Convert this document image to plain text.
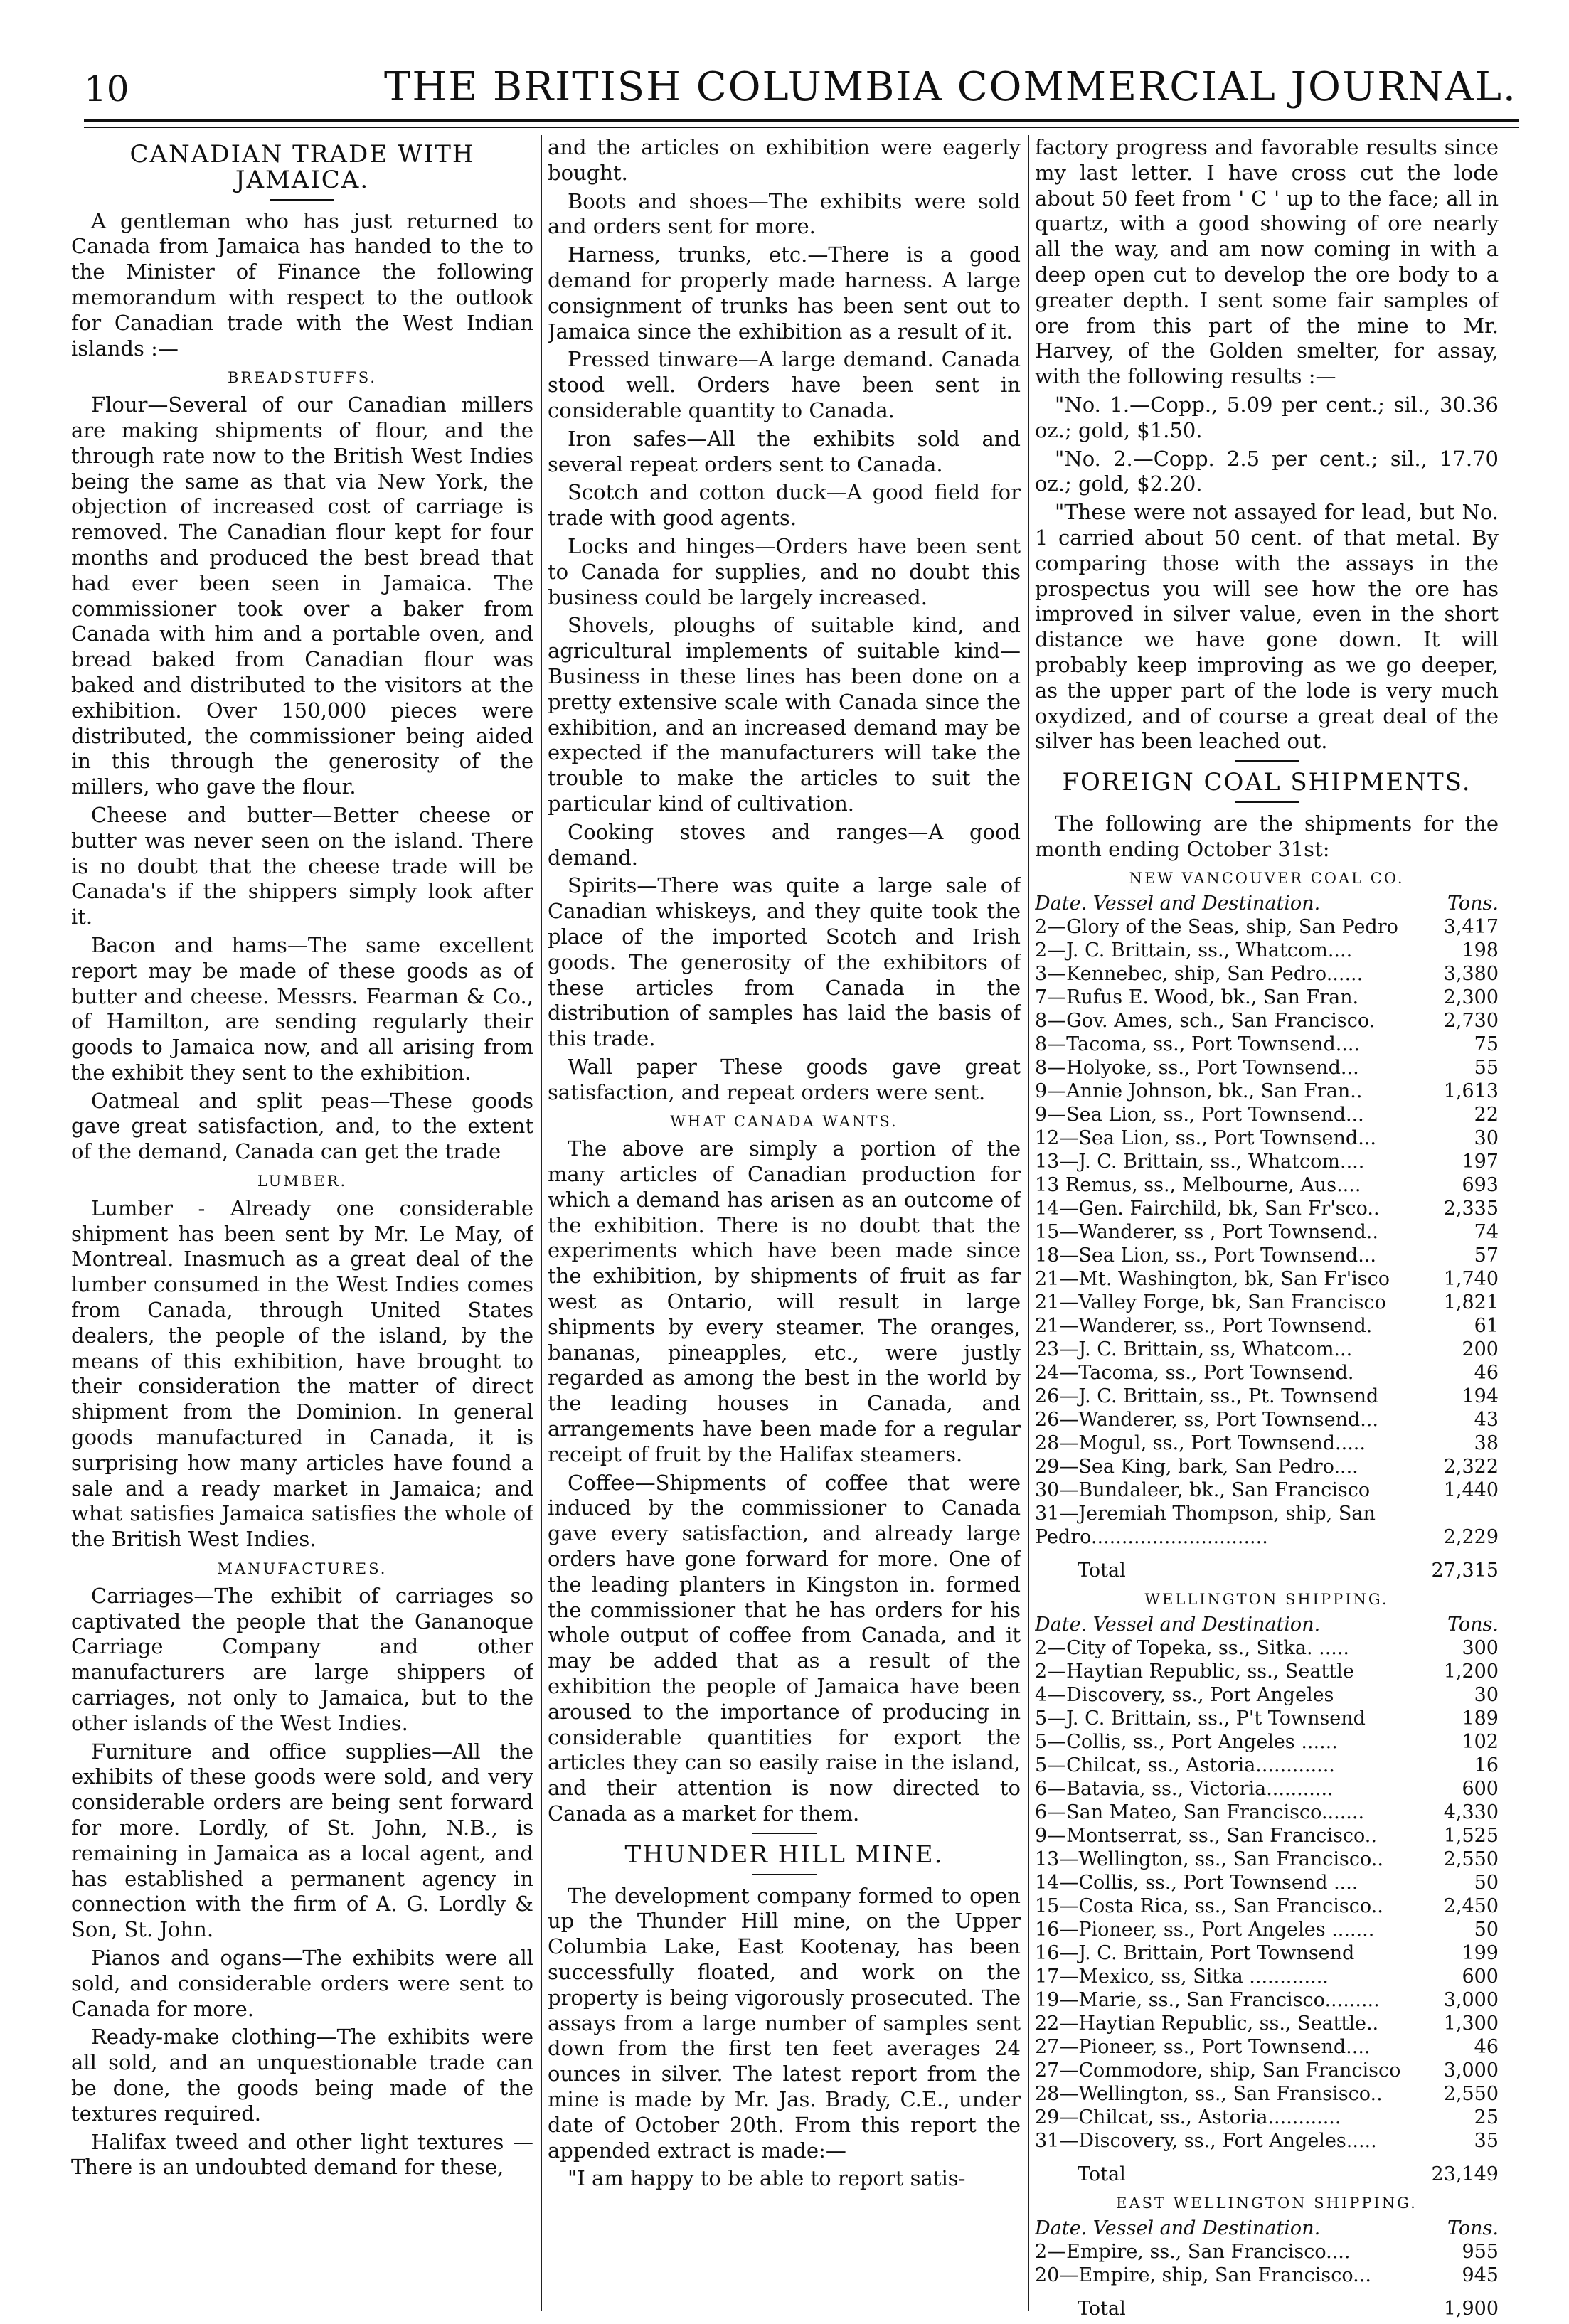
10	THE BRITISH COLUMBIA COMMERCIAL JOURNAL.
CANADIAN TRADE WITH JAMAICA.

A gentleman who has just returned to Canada from Jamaica has handed to the to the Minister of Finance the following memorandum with respect to the outlook for Canadian trade with the West Indian islands :—

BREADSTUFFS.

Flour—Several of our Canadian millers are making shipments of flour, and the through rate now to the British West Indies being the same as that via New York, the objection of increased cost of carriage is removed. The Canadian flour kept for four months and produced the best bread that had ever been seen in Jamaica. The commissioner took over a baker from Canada with him and a portable oven, and bread baked from Canadian flour was baked and distributed to the visitors at the exhibition. Over 150,000 pieces were distributed, the commissioner being aided in this through the generosity of the millers, who gave the flour.

Cheese and butter—Better cheese or butter was never seen on the island. There is no doubt that the cheese trade will be Canada's if the shippers simply look after it.

Bacon and hams—The same excellent report may be made of these goods as of butter and cheese. Messrs. Fearman & Co., of Hamilton, are sending regularly their goods to Jamaica now, and all arising from the exhibit they sent to the exhibition.

Oatmeal and split peas—These goods gave great satisfaction, and, to the extent of the demand, Canada can get the trade

LUMBER.

Lumber - Already one considerable shipment has been sent by Mr. Le May, of Montreal. Inasmuch as a great deal of the lumber consumed in the West Indies comes from Canada, through United States dealers, the people of the island, by the means of this exhibition, have brought to their consideration the matter of direct shipment from the Dominion. In general goods manufactured in Canada, it is surprising how many articles have found a sale and a ready market in Jamaica; and what satisfies Jamaica satisfies the whole of the British West Indies.

MANUFACTURES.

Carriages—The exhibit of carriages so captivated the people that the Gananoque Carriage Company and other manufacturers are large shippers of carriages, not only to Jamaica, but to the other islands of the West Indies.

Furniture and office supplies—All the exhibits of these goods were sold, and very considerable orders are being sent forward for more. Lordly, of St. John, N.B., is remaining in Jamaica as a local agent, and has established a permanent agency in connection with the firm of A. G. Lordly & Son, St. John.

Pianos and ogans—The exhibits were all sold, and considerable orders were sent to Canada for more.

Ready-make clothing—The exhibits were all sold, and an unquestionable trade can be done, the goods being made of the textures required.

Halifax tweed and other light textures —There is an undoubted demand for these,

and the articles on exhibition were eagerly bought.

Boots and shoes—The exhibits were sold and orders sent for more.

Harness, trunks, etc.—There is a good demand for properly made harness. A large consignment of trunks has been sent out to Jamaica since the exhibition as a result of it.

Pressed tinware—A large demand. Canada stood well. Orders have been sent in considerable quantity to Canada.

Iron safes—All the exhibits sold and several repeat orders sent to Canada.

Scotch and cotton duck—A good field for trade with good agents.

Locks and hinges—Orders have been sent to Canada for supplies, and no doubt this business could be largely increased.

Shovels, ploughs of suitable kind, and agricultural implements of suitable kind—Business in these lines has been done on a pretty extensive scale with Canada since the exhibition, and an increased demand may be expected if the manufacturers will take the trouble to make the articles to suit the particular kind of cultivation.

Cooking stoves and ranges—A good demand.

Spirits—There was quite a large sale of Canadian whiskeys, and they quite took the place of the imported Scotch and Irish goods. The generosity of the exhibitors of these articles from Canada in the distribution of samples has laid the basis of this trade.

Wall paper These goods gave great satisfaction, and repeat orders were sent.

WHAT CANADA WANTS.

The above are simply a portion of the many articles of Canadian production for which a demand has arisen as an outcome of the exhibition. There is no doubt that the experiments which have been made since the exhibition, by shipments of fruit as far west as Ontario, will result in large shipments by every steamer. The oranges, bananas, pineapples, etc., were justly regarded as among the best in the world by the leading houses in Canada, and arrangements have been made for a regular receipt of fruit by the Halifax steamers.

Coffee—Shipments of coffee that were induced by the commissioner to Canada gave every satisfaction, and already large orders have gone forward for more. One of the leading planters in Kingston in. formed the commissioner that he has orders for his whole output of coffee from Canada, and it may be added that as a result of the exhibition the people of Jamaica have been aroused to the importance of producing in considerable quantities for export the articles they can so easily raise in the island, and their attention is now directed to Canada as a market for them.

THUNDER HILL MINE.

The development company formed to open up the Thunder Hill mine, on the Upper Columbia Lake, East Kootenay, has been successfully floated, and work on the property is being vigorously prosecuted. The assays from a large number of samples sent down from the first ten feet averages 24 ounces in silver. The latest report from the mine is made by Mr. Jas. Brady, C.E., under date of October 20th. From this report the appended extract is made:—

"I am happy to be able to report satis-

factory progress and favorable results since my last letter. I have cross cut the lode about 50 feet from ' C ' up to the face; all in quartz, with a good showing of ore nearly all the way, and am now coming in with a deep open cut to develop the ore body to a greater depth. I sent some fair samples of ore from this part of the mine to Mr. Harvey, of the Golden smelter, for assay, with the following results :—

"No. 1.—Copp., 5.09 per cent.; sil., 30.36 oz.; gold, $1.50.

"No. 2.—Copp. 2.5 per cent.; sil., 17.70 oz.; gold, $2.20.

"These were not assayed for lead, but No. 1 carried about 50 cent. of that metal. By comparing those with the assays in the prospectus you will see how the ore has improved in silver value, even in the short distance we have gone down. It will probably keep improving as we go deeper, as the upper part of the lode is very much oxydized, and of course a great deal of the silver has been leached out.

FOREIGN COAL SHIPMENTS.

The following are the shipments for the month ending October 31st:

NEW VANCOUVER COAL CO.
Date. Vessel and Destination.	Tons.
2—Glory of the Seas, ship, San Pedro 3,417
2—J. C. Brittain, ss., Whatcom....	198
3—Kennebec, ship, San Pedro......	3,380
7—Rufus E. Wood, bk., San Fran.	2,300
8—Gov. Ames, sch., San Francisco.	2,730
8—Tacoma, ss., Port Townsend....	75
8—Holyoke, ss., Port Townsend...	55
9—Annie Johnson, bk., San Fran..	1,613
9—Sea Lion, ss., Port Townsend...	22
12—Sea Lion, ss., Port Townsend...	30
13—J. C. Brittain, ss., Whatcom....	197
13 Remus, ss., Melbourne, Aus....	693
14—Gen. Fairchild, bk, San Fr'sco..	2,335
15—Wanderer, ss , Port Townsend..	74
18—Sea Lion, ss., Port Townsend...	57
21—Mt. Washington, bk, San Fr'isco	1,740
21—Valley Forge, bk, San Francisco	1,821
21—Wanderer, ss., Port Townsend.	61
23—J. C. Brittain, ss, Whatcom...	200
24—Tacoma, ss., Port Townsend.	46
26—J. C. Brittain, ss., Pt. Townsend	194
26—Wanderer, ss, Port Townsend...	43
28—Mogul, ss., Port Townsend.....	38
29—Sea King, bark, San Pedro....	2,322
30—Bundaleer, bk., San Francisco	1,440
31—Jeremiah Thompson, ship, San
Pedro.............................	2,229
Total	27,315
WELLINGTON SHIPPING.
Date. Vessel and Destination.	Tons.
2—City of Topeka, ss., Sitka. .....	300
2—Haytian Republic, ss., Seattle	1,200
4—Discovery, ss., Port Angeles	30
5—J. C. Brittain, ss., P't Townsend	189
5—Collis, ss., Port Angeles ......	102
5—Chilcat, ss., Astoria.............	16
6—Batavia, ss., Victoria...........	600
6—San Mateo, San Francisco.......	4,330
9—Montserrat, ss., San Francisco..	1,525
13—Wellington, ss., San Francisco..	2,550
14—Collis, ss., Port Townsend ....	50
15—Costa Rica, ss., San Francisco..	2,450
16—Pioneer, ss., Port Angeles .......	50
16—J. C. Brittain, Port Townsend	199
17—Mexico, ss, Sitka .............	600
19—Marie, ss., San Francisco.........	3,000
22—Haytian Republic, ss., Seattle..	1,300
27—Pioneer, ss., Port Townsend....	46
27—Commodore, ship, San Francisco 3,000
28—Wellington, ss., San Fransisco..	2,550
29—Chilcat, ss., Astoria............	25
31—Discovery, ss., Fort Angeles.....	35
Total	23,149
EAST WELLINGTON SHIPPING.
Date. Vessel and Destination.	Tons.
2—Empire, ss., San Francisco....	955
20—Empire, ship, San Francisco...	945
Total	1,900
